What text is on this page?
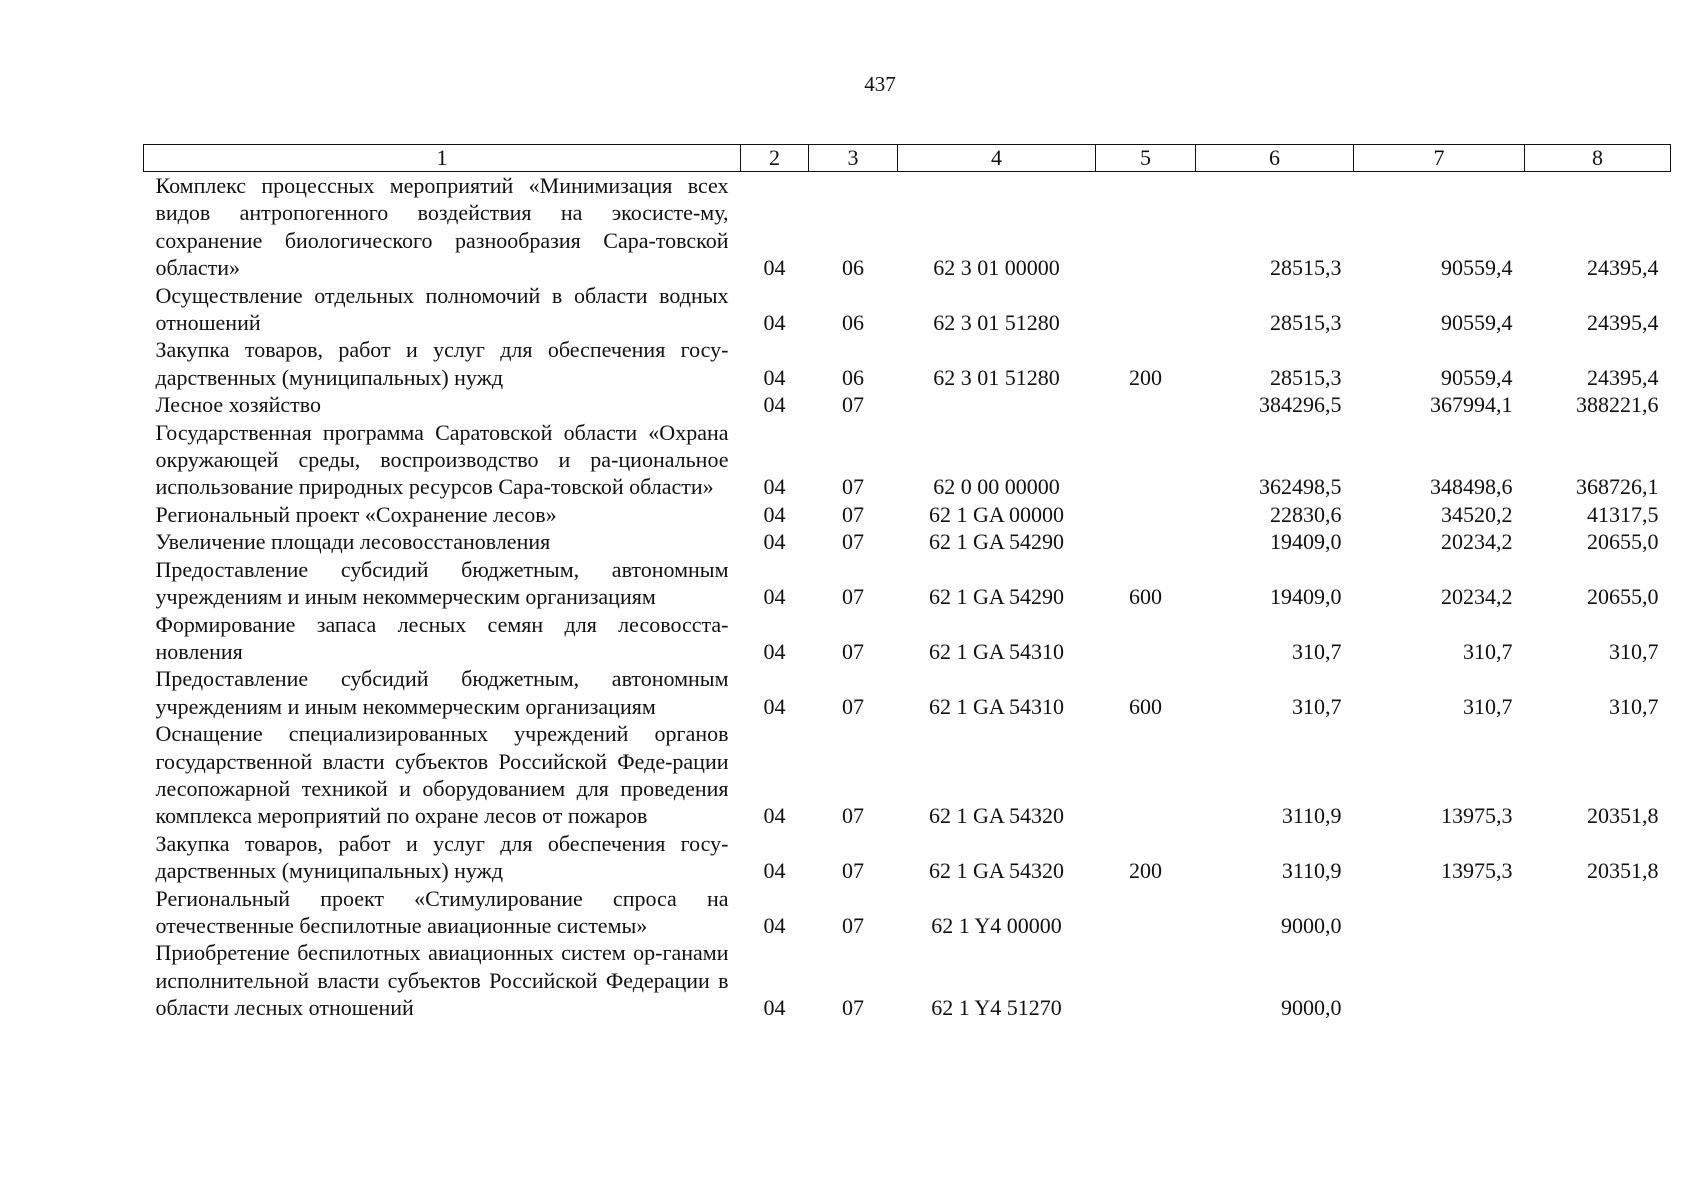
437
1	2	3	4	5	6	7	8
Комплекс процессных мероприятий «Минимизация всех видов антропогенного воздействия на экосисте-му, сохранение биологического разнообразия Сара-товской области»	04	06	62 3 01 00000		28515,3	90559,4	24395,4
Осуществление отдельных полномочий в области водных отношений	04	06	62 3 01 51280		28515,3	90559,4	24395,4
Закупка товаров, работ и услуг для обеспечения госу-дарственных (муниципальных) нужд	04	06	62 3 01 51280	200	28515,3	90559,4	24395,4
Лесное хозяйство	04	07			384296,5	367994,1	388221,6
Государственная программа Саратовской области «Охрана окружающей среды, воспроизводство и ра-циональное использование природных ресурсов Сара-товской области»	04	07	62 0 00 00000		362498,5	348498,6	368726,1
Региональный проект «Сохранение лесов»	04	07	62 1 GA 00000		22830,6	34520,2	41317,5
Увеличение площади лесовосстановления	04	07	62 1 GA 54290		19409,0	20234,2	20655,0
Предоставление субсидий бюджетным, автономным учреждениям и иным некоммерческим организациям	04	07	62 1 GA 54290	600	19409,0	20234,2	20655,0
Формирование запаса лесных семян для лесовосста-новления	04	07	62 1 GA 54310		310,7	310,7	310,7
Предоставление субсидий бюджетным, автономным учреждениям и иным некоммерческим организациям	04	07	62 1 GA 54310	600	310,7	310,7	310,7
Оснащение специализированных учреждений органов государственной власти субъектов Российской Феде-рации лесопожарной техникой и оборудованием для проведения комплекса мероприятий по охране лесов от пожаров	04	07	62 1 GA 54320		3110,9	13975,3	20351,8
Закупка товаров, работ и услуг для обеспечения госу-дарственных (муниципальных) нужд	04	07	62 1 GA 54320	200	3110,9	13975,3	20351,8
Региональный проект «Стимулирование спроса на отечественные беспилотные авиационные системы»	04	07	62 1 Y4 00000		9000,0		
Приобретение беспилотных авиационных систем ор-ганами исполнительной власти субъектов Российской Федерации в области лесных отношений	04	07	62 1 Y4 51270		9000,0		
